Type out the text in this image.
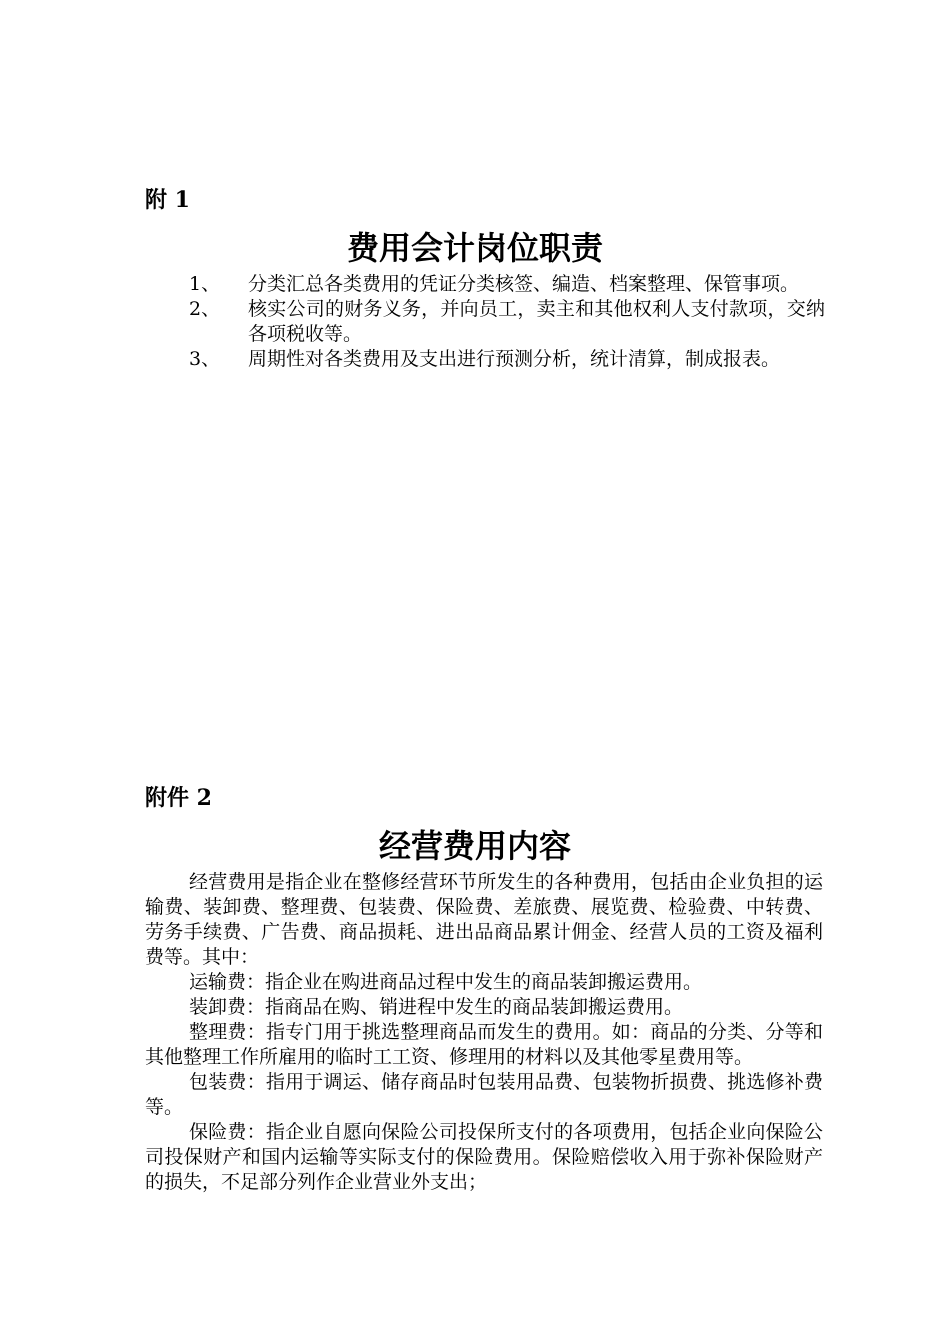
附 1
费用会计岗位职责
1、	分类汇总各类费用的凭证分类核签、编造、档案整理、保管事项。
2、	核实公司的财务义务，并向员工，卖主和其他权利人支付款项，交纳各项税收等。
3、	周期性对各类费用及支出进行预测分析，统计清算，制成报表。
附件 2
经营费用内容

经营费用是指企业在整修经营环节所发生的各种费用，包括由企业负担的运输费、装卸费、整理费、包装费、保险费、差旅费、展览费、检验费、中转费、劳务手续费、广告费、商品损耗、进出品商品累计佣金、经营人员的工资及福利费等。其中：

运输费：指企业在购进商品过程中发生的商品装卸搬运费用。

装卸费：指商品在购、销进程中发生的商品装卸搬运费用。

整理费：指专门用于挑选整理商品而发生的费用。如：商品的分类、分等和其他整理工作所雇用的临时工工资、修理用的材料以及其他零星费用等。

包装费：指用于调运、储存商品时包装用品费、包装物折损费、挑选修补费等。

保险费：指企业自愿向保险公司投保所支付的各项费用，包括企业向保险公司投保财产和国内运输等实际支付的保险费用。保险赔偿收入用于弥补保险财产的损失，不足部分列作企业营业外支出；
